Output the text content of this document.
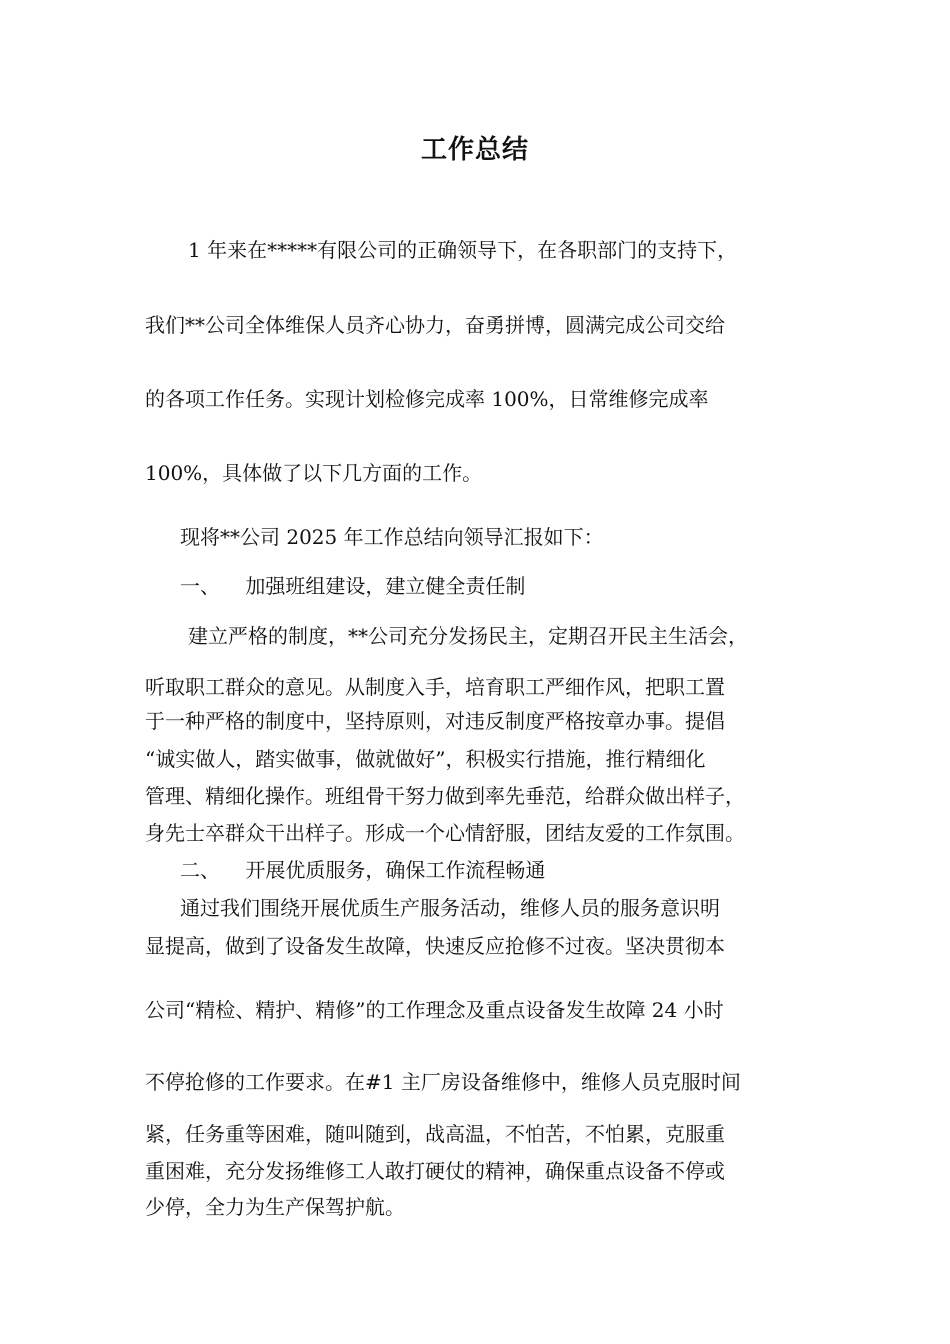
工作总结
1 年来在*****有限公司的正确领导下，在各职部门的支持下，
我们**公司全体维保人员齐心协力，奋勇拼博，圆满完成公司交给
的各项工作任务。实现计划检修完成率 100%，日常维修完成率
100%，具体做了以下几方面的工作。
现将**公司 2025 年工作总结向领导汇报如下：
一、    加强班组建设，建立健全责任制
建立严格的制度，**公司充分发扬民主，定期召开民主生活会，
听取职工群众的意见。从制度入手，培育职工严细作风，把职工置
于一种严格的制度中，坚持原则，对违反制度严格按章办事。提倡
“诚实做人，踏实做事，做就做好”，积极实行措施，推行精细化
管理、精细化操作。班组骨干努力做到率先垂范，给群众做出样子，
身先士卒群众干出样子。形成一个心情舒服，团结友爱的工作氛围。
二、    开展优质服务，确保工作流程畅通
通过我们围绕开展优质生产服务活动，维修人员的服务意识明
显提高，做到了设备发生故障，快速反应抢修不过夜。坚决贯彻本
公司“精检、精护、精修”的工作理念及重点设备发生故障 24 小时
不停抢修的工作要求。在#1 主厂房设备维修中，维修人员克服时间
紧，任务重等困难，随叫随到，战高温，不怕苦，不怕累，克服重
重困难，充分发扬维修工人敢打硬仗的精神，确保重点设备不停或
少停，全力为生产保驾护航。
